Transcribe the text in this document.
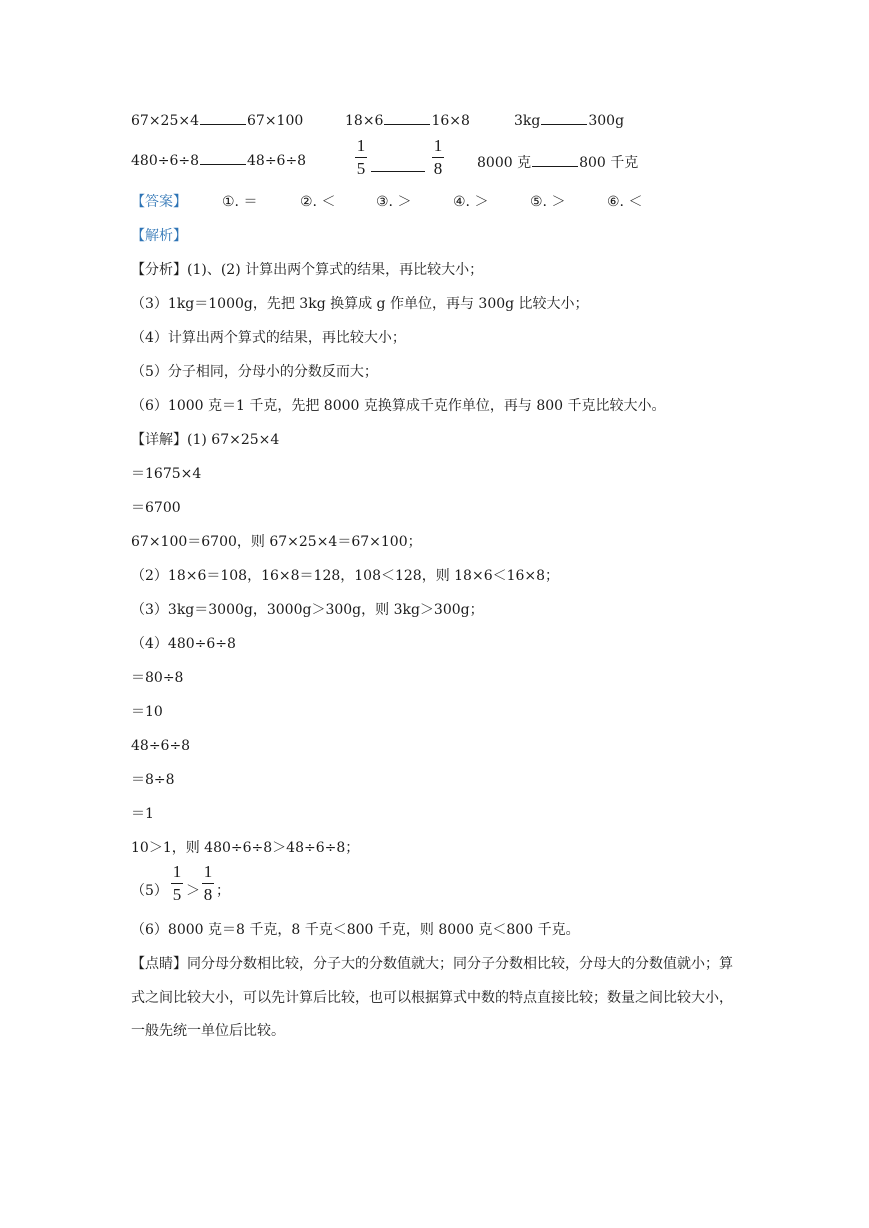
67×25×4	67×100	18×6	16×8	3kg	300g
480÷6÷8	48÷6÷8
1
5
1
8 8000 克	800 千克
【答案】	①. ＝	②. ＜	③. ＞	④. ＞	⑤. ＞	⑥. ＜
【解析】
【分析】(1)、(2) 计算出两个算式的结果，再比较大小；
（3）1kg＝1000g，先把 3kg 换算成 g 作单位，再与 300g 比较大小；
（4）计算出两个算式的结果，再比较大小；
（5）分子相同，分母小的分数反而大；
（6）1000 克＝1 千克，先把 8000 克换算成千克作单位，再与 800 千克比较大小。
【详解】(1) 67×25×4
＝1675×4
＝6700
67×100＝6700，则 67×25×4＝67×100；
（2）18×6＝108，16×8＝128，108＜128，则 18×6＜16×8；
（3）3kg＝3000g，3000g＞300g，则 3kg＞300g；
（4）480÷6÷8
＝80÷8
＝10
48÷6÷8
＝8÷8
＝1
10＞1，则 480÷6÷8＞48÷6÷8；
（5）
1
5 ＞
1
8 ；
（6）8000 克＝8 千克，8 千克＜800 千克，则 8000 克＜800 千克。
【点睛】同分母分数相比较，分子大的分数值就大；同分子分数相比较，分母大的分数值就小；算式之间比较大小，可以先计算后比较，也可以根据算式中数的特点直接比较；数量之间比较大小，一般先统一单位后比较。
